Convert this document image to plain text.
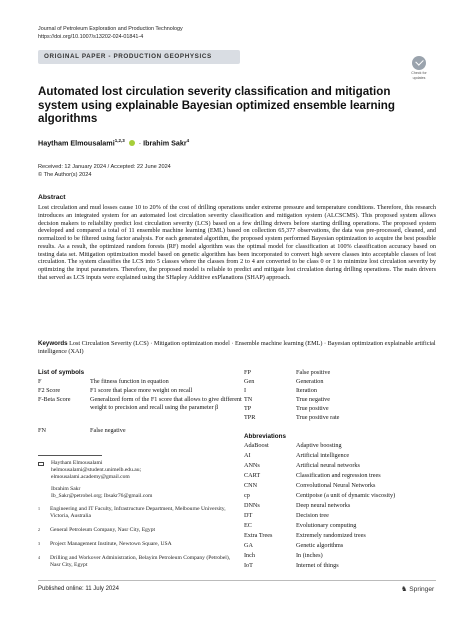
Journal of Petroleum Exploration and Production Technology
https://doi.org/10.1007/s13202-024-01841-4
ORIGINAL PAPER - PRODUCTION GEOPHYSICS
Check for
updates
Automated lost circulation severity classification and mitigation system using explainable Bayesian optimized ensemble learning algorithms
Haytham Elmousalami$^{1,2,3}$ · Ibrahim Sakr$^4$
Received: 12 January 2024 / Accepted: 22 June 2024
© The Author(s) 2024
Abstract
Lost circulation and mud losses cause 10 to 20% of the cost of drilling operations under extreme pressure and temperature conditions. Therefore, this research introduces an integrated system for an automated lost circulation severity classification and mitigation system (ALCSCMS). This proposed system allows decision makers to reliability predict lost circulation severity (LCS) based on a few drilling drivers before starting drilling operations. The proposed system developed and compared a total of 11 ensemble machine learning (EML) based on collection 65,377 observations, the data was pre-processed, cleaned, and normalized to be filtered using factor analysis. For each generated algorithm, the proposed system performed Bayesian optimization to acquire the best possible results. As a result, the optimized random forests (RF) model algorithm was the optimal model for classification at 100% classification accuracy based on testing data set. Mitigation optimization model based on genetic algorithm has been incorporated to convert high severe classes into acceptable classes of lost circulation. The system classifies the LCS into 5 classes where the classes from 2 to 4 are converted to be class 0 or 1 to minimize lost circulation severity by optimizing the input parameters. Therefore, the proposed model is reliable to predict and mitigate lost circulation during drilling operations. The main drivers that served as LCS inputs were explained using the SHapley Additive exPlanations (SHAP) approach.
Keywords Lost Circulation Severity (LCS) · Mitigation optimization model · Ensemble machine learning (EML) · Bayesian optimization explainable artificial intelligence (XAI)
List of symbols
F	The fitness function in equation
F2 Score	F1 score that place more weight on recall
F-Beta Score	Generalized form of the F1 score that allows to give different weight to precision and recall using the parameter β
FN	False negative
FP	False positive
Gen	Generation
I	Iteration
TN	True negative
TP	True positive
TPR	True positive rate
Abbreviations
AdaBoost	Adaptive boosting
AI	Artificial intelligence
ANNs	Artificial neural networks
CART	Classification and regression trees
CNN	Convolutional Neural Networks
cp	Centipoise (a unit of dynamic viscosity)
DNNs	Deep neural networks
DT	Decision tree
EC	Evolutionary computing
Extra Trees	Extremely randomized trees
GA	Genetic algorithms
Inch	In (inches)
IoT	Internet of things
Haytham Elmousalami
helmousalami@student.unimelb.edu.au;
elmousalami.academy@gmail.com
Ibrahim Sakr
Ib_Sakr@petrobel.org; Ibsakr76@gmail.com
1 Engineering and IT Faculty, Infrastructure Department, Melbourne University, Victoria, Australia
2 General Petroleum Company, Nasr City, Egypt
3 Project Management Institute, Newtown Square, USA
4 Drilling and Workover Administration, Belayim Petroleum Company (Petrobel), Nasr City, Egypt
Published online: 11 July 2024	♞ Springer
